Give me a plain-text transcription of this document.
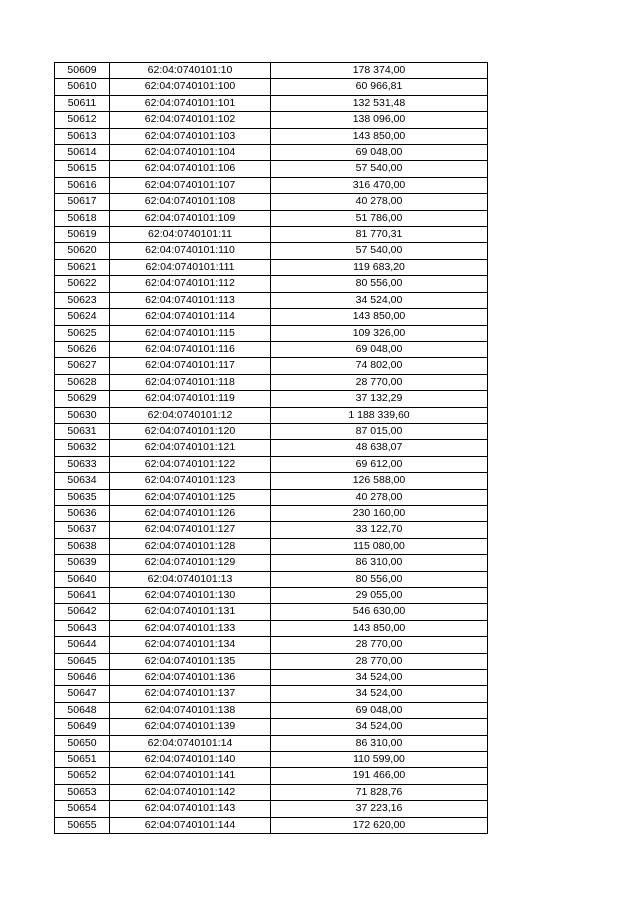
50609	62:04:0740101:10	178 374,00
50610	62:04:0740101:100	60 966,81
50611	62:04:0740101:101	132 531,48
50612	62:04:0740101:102	138 096,00
50613	62:04:0740101:103	143 850,00
50614	62:04:0740101:104	69 048,00
50615	62:04:0740101:106	57 540,00
50616	62:04:0740101:107	316 470,00
50617	62:04:0740101:108	40 278,00
50618	62:04:0740101:109	51 786,00
50619	62:04:0740101:11	81 770,31
50620	62:04:0740101:110	57 540,00
50621	62:04:0740101:111	119 683,20
50622	62:04:0740101:112	80 556,00
50623	62:04:0740101:113	34 524,00
50624	62:04:0740101:114	143 850,00
50625	62:04:0740101:115	109 326,00
50626	62:04:0740101:116	69 048,00
50627	62:04:0740101:117	74 802,00
50628	62:04:0740101:118	28 770,00
50629	62:04:0740101:119	37 132,29
50630	62:04:0740101:12	1 188 339,60
50631	62:04:0740101:120	87 015,00
50632	62:04:0740101:121	48 638,07
50633	62:04:0740101:122	69 612,00
50634	62:04:0740101:123	126 588,00
50635	62:04:0740101:125	40 278,00
50636	62:04:0740101:126	230 160,00
50637	62:04:0740101:127	33 122,70
50638	62:04:0740101:128	115 080,00
50639	62:04:0740101:129	86 310,00
50640	62:04:0740101:13	80 556,00
50641	62:04:0740101:130	29 055,00
50642	62:04:0740101:131	546 630,00
50643	62:04:0740101:133	143 850,00
50644	62:04:0740101:134	28 770,00
50645	62:04:0740101:135	28 770,00
50646	62:04:0740101:136	34 524,00
50647	62:04:0740101:137	34 524,00
50648	62:04:0740101:138	69 048,00
50649	62:04:0740101:139	34 524,00
50650	62:04:0740101:14	86 310,00
50651	62:04:0740101:140	110 599,00
50652	62:04:0740101:141	191 466,00
50653	62:04:0740101:142	71 828,76
50654	62:04:0740101:143	37 223,16
50655	62:04:0740101:144	172 620,00
